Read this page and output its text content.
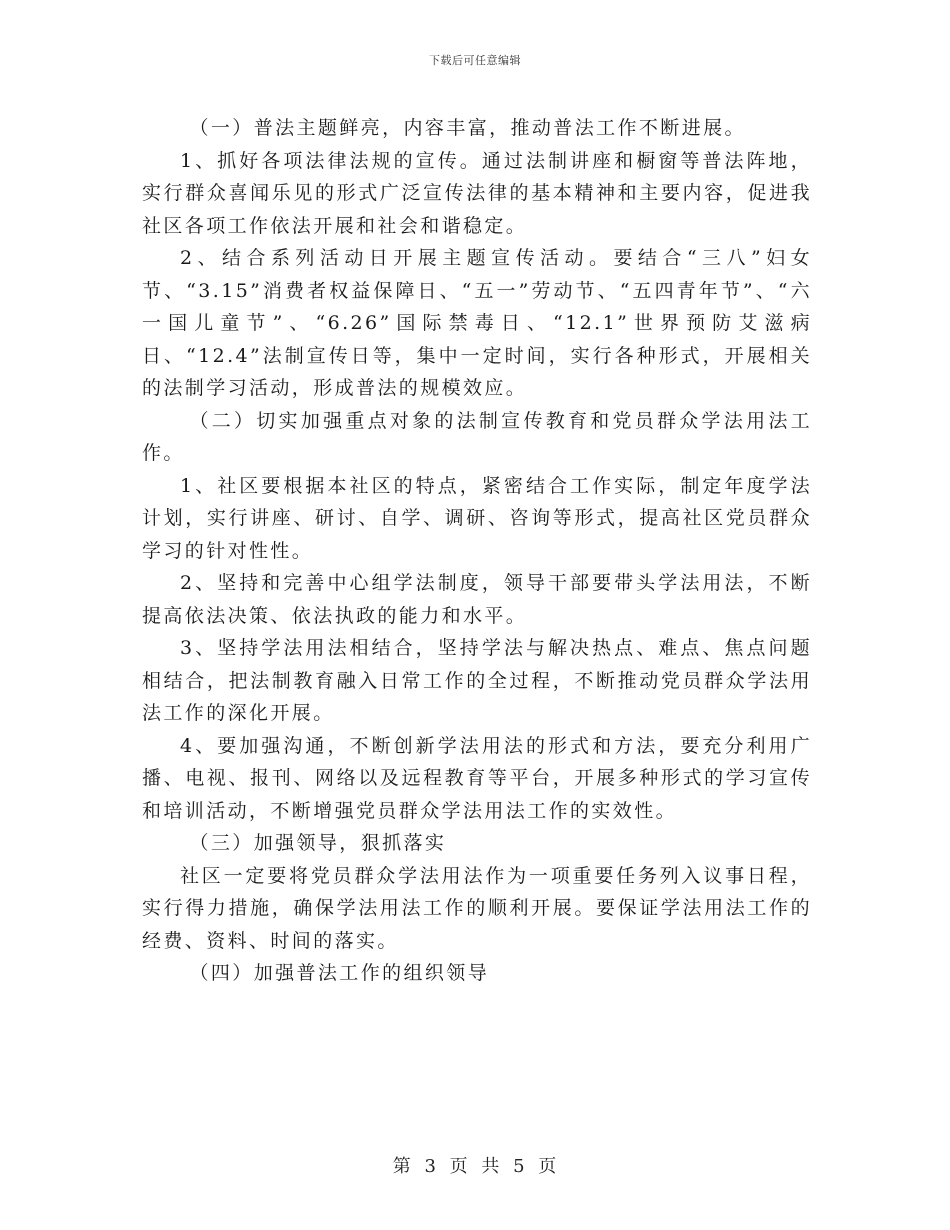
下载后可任意编辑

（一）普法主题鲜亮，内容丰富，推动普法工作不断进展。

1、抓好各项法律法规的宣传。通过法制讲座和橱窗等普法阵地，实行群众喜闻乐见的形式广泛宣传法律的基本精神和主要内容，促进我社区各项工作依法开展和社会和谐稳定。

2、结合系列活动日开展主题宣传活动。要结合“三八”妇女节、“3.15”消费者权益保障日、“五一”劳动节、“五四青年节”、“六一国儿童节”、“6.26”国际禁毒日、“12.1”世界预防艾滋病日、“12.4”法制宣传日等，集中一定时间，实行各种形式，开展相关的法制学习活动，形成普法的规模效应。

（二）切实加强重点对象的法制宣传教育和党员群众学法用法工作。

1、社区要根据本社区的特点，紧密结合工作实际，制定年度学法计划，实行讲座、研讨、自学、调研、咨询等形式，提高社区党员群众学习的针对性性。

2、坚持和完善中心组学法制度，领导干部要带头学法用法，不断提高依法决策、依法执政的能力和水平。

3、坚持学法用法相结合，坚持学法与解决热点、难点、焦点问题相结合，把法制教育融入日常工作的全过程，不断推动党员群众学法用法工作的深化开展。

4、要加强沟通，不断创新学法用法的形式和方法，要充分利用广播、电视、报刊、网络以及远程教育等平台，开展多种形式的学习宣传和培训活动，不断增强党员群众学法用法工作的实效性。

（三）加强领导，狠抓落实

社区一定要将党员群众学法用法作为一项重要任务列入议事日程，实行得力措施，确保学法用法工作的顺利开展。要保证学法用法工作的经费、资料、时间的落实。

（四）加强普法工作的组织领导

第 3 页 共 5 页
